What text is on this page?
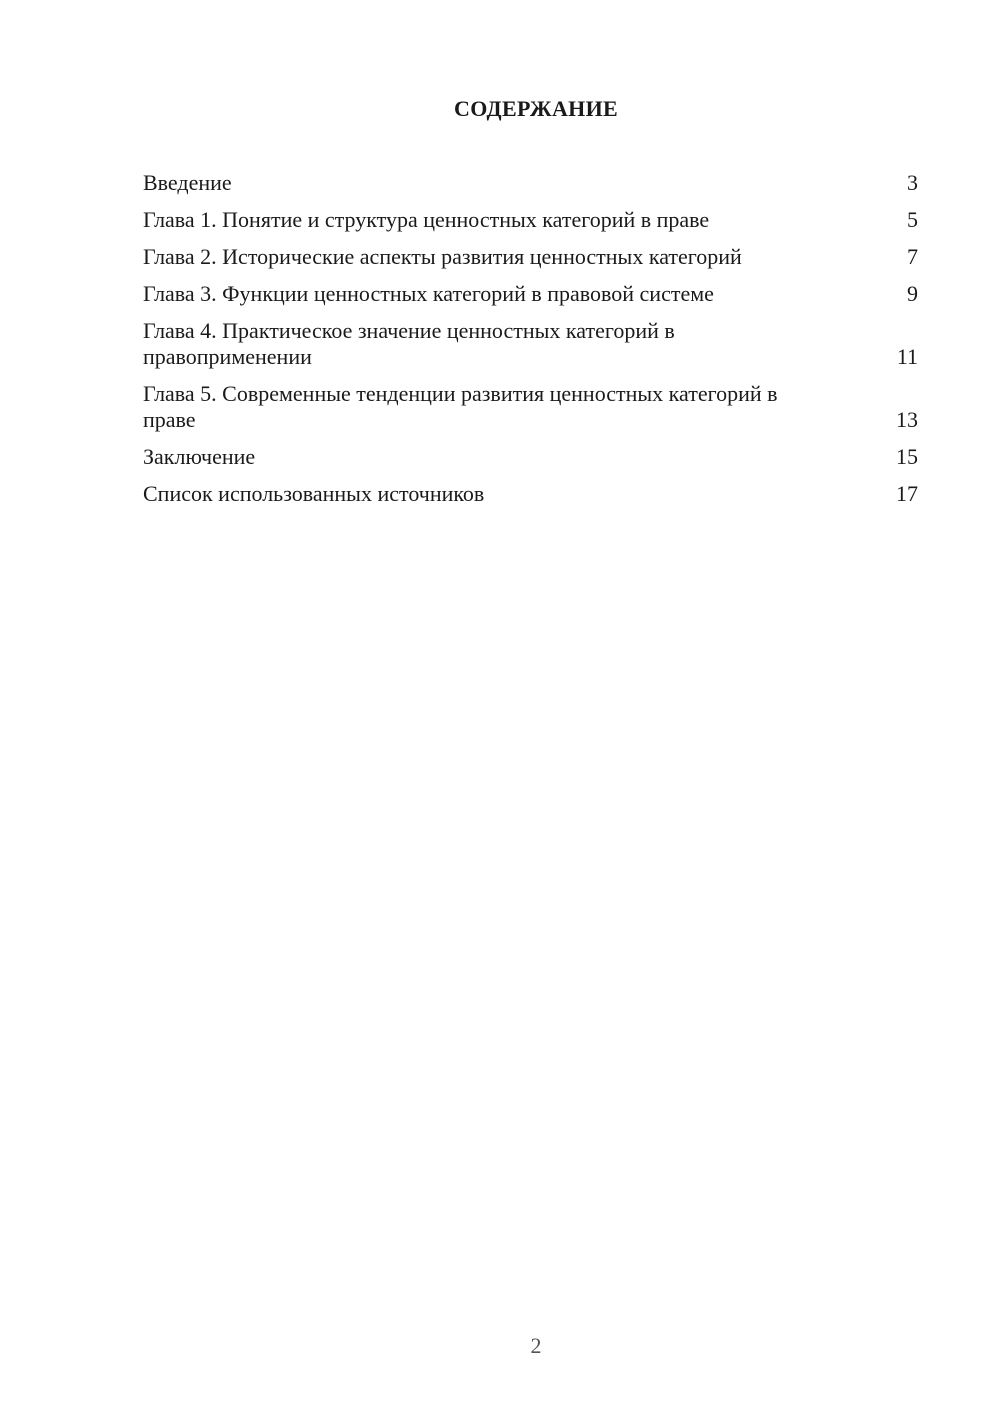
СОДЕРЖАНИЕ
Введение	3
Глава 1. Понятие и структура ценностных категорий в праве	5
Глава 2. Исторические аспекты развития ценностных категорий	7
Глава 3. Функции ценностных категорий в правовой системе	9
Глава 4. Практическое значение ценностных категорий в правоприменении	11
Глава 5. Современные тенденции развития ценностных категорий в праве	13
Заключение	15
Список использованных источников	17
2
